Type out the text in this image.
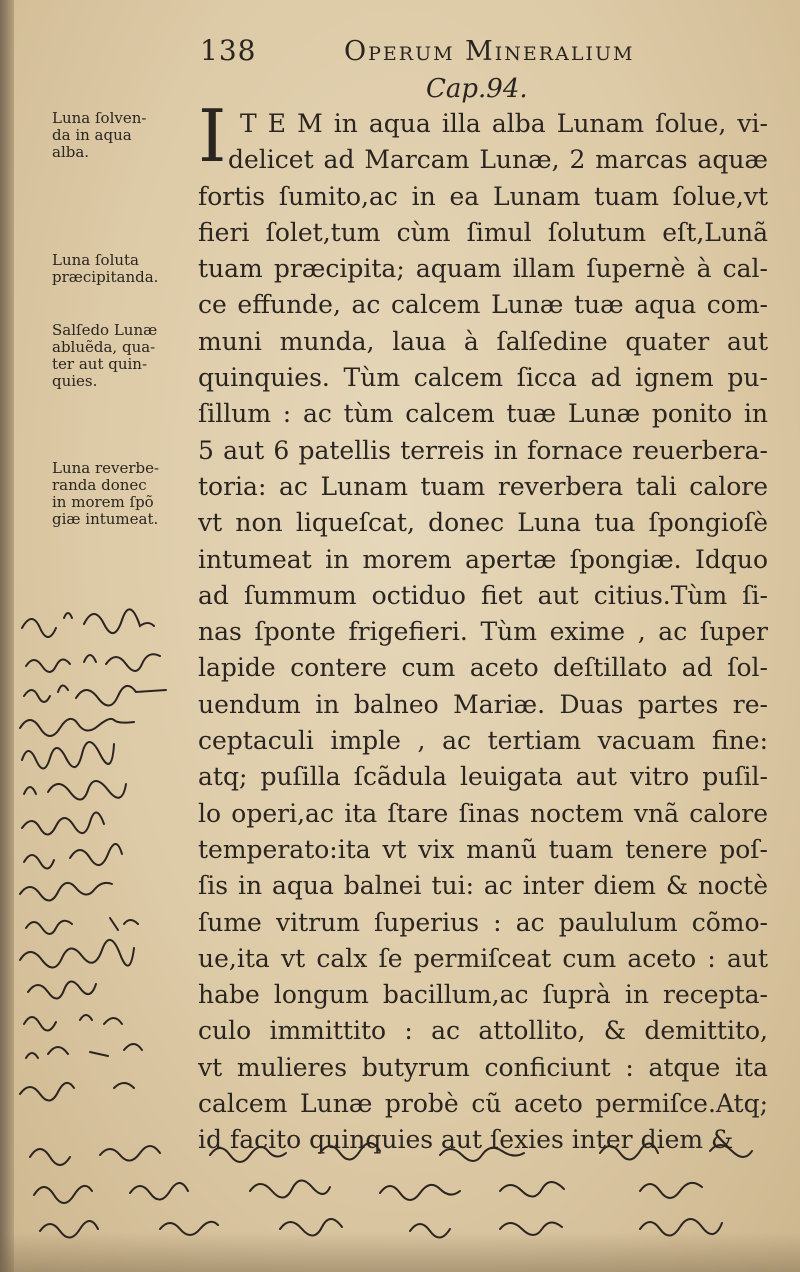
138	Operum Mineralium
Cap.94.
I T E M in aqua illa alba Lunam ſolue, vi-
delicet ad Marcam Lunæ, 2 marcas aquæ
fortis ſumito,ac in ea Lunam tuam ſolue,vt
fieri ſolet,tum cùm ſimul ſolutum eſt,Lunã
tuam præcipita; aquam illam ſupernè à cal-
ce effunde, ac calcem Lunæ tuæ aqua com-
muni munda, laua à ſalſedine quater aut
quinquies. Tùm calcem ſicca ad ignem pu-
ſillum : ac tùm calcem tuæ Lunæ ponito in
5 aut 6 patellis terreis in fornace reuerbera-
toria: ac Lunam tuam reverbera tali calore
vt non liqueſcat, donec Luna tua ſpongioſè
intumeat in morem apertæ ſpongiæ. Idquo
ad ſummum octiduo fiet aut citius.Tùm ſi-
nas ſponte frigefieri. Tùm exime , ac ſuper
lapide contere cum aceto deſtillato ad ſol-
uendum in balneo Mariæ. Duas partes re-
ceptaculi imple , ac tertiam vacuam fine:
atq; puſilla ſcãdula leuigata aut vitro puſil-
lo operi,ac ita ſtare ſinas noctem vnã calore
temperato:ita vt vix manũ tuam tenere poſ-
ſis in aqua balnei tui: ac inter diem & noctè
ſume vitrum ſuperius : ac paululum cõmo-
ue,ita vt calx ſe permiſceat cum aceto : aut
habe longum bacillum,ac ſuprà in recepta-
culo immittito : ac attollito, & demittito,
vt mulieres butyrum conficiunt : atque ita
calcem Lunæ probè cũ aceto permiſce.Atq;
id facito quinquies aut ſexies inter diem &
Luna ſolven-
da in aqua
alba.
Luna ſoluta
præcipitanda.
Salſedo Lunæ
abluẽda, qua-
ter aut quin-
quies.
Luna reverbe-
randa donec
in morem ſpõ
giæ intumeat.
